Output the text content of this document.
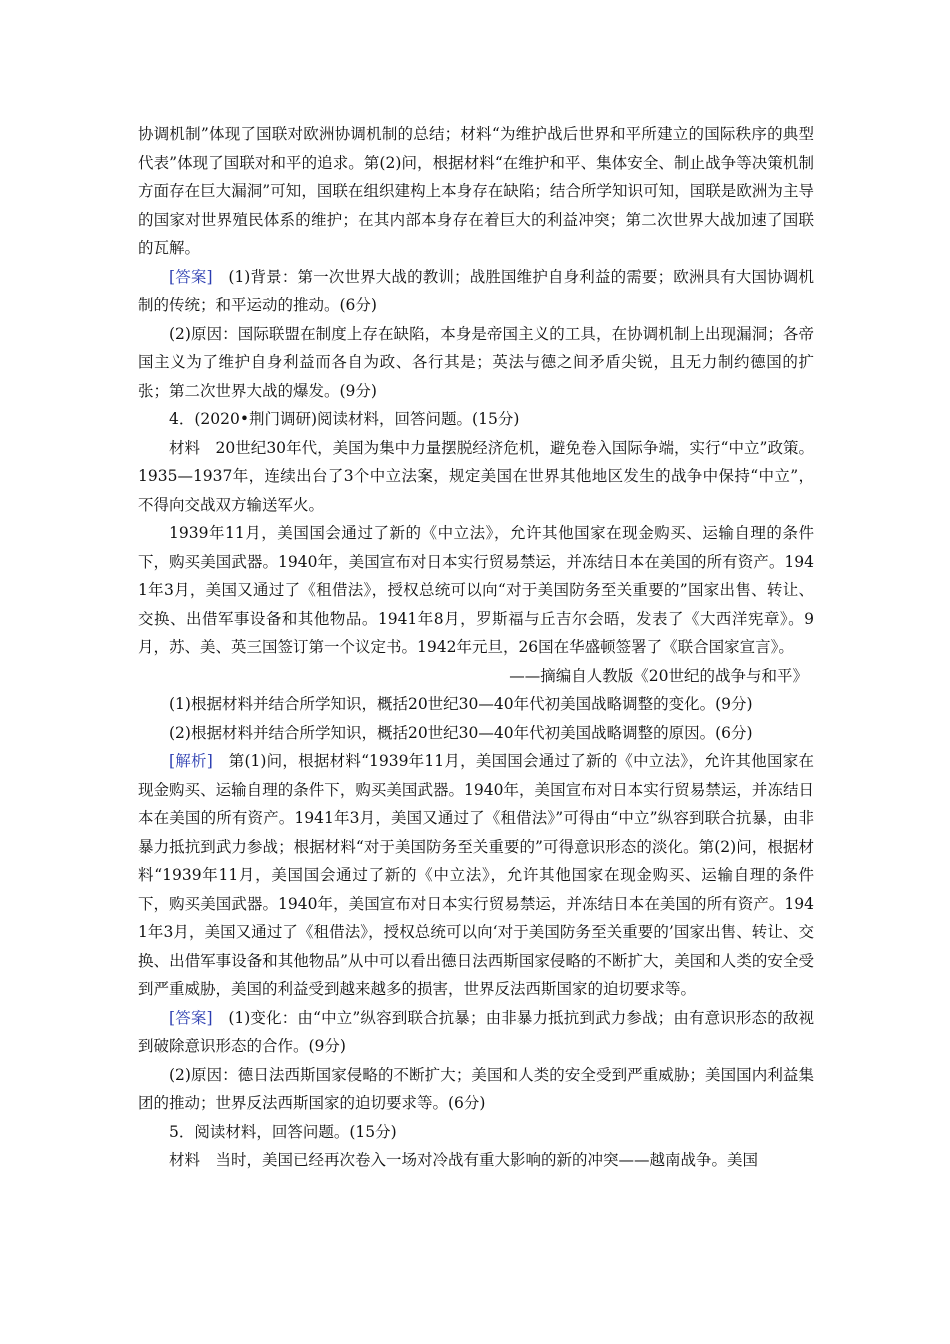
协调机制”体现了国联对欧洲协调机制的总结；材料“为维护战后世界和平所建立的国际秩序的典型代表”体现了国联对和平的追求。第(2)问，根据材料“在维护和平、集体安全、制止战争等决策机制方面存在巨大漏洞”可知，国联在组织建构上本身存在缺陷；结合所学知识可知，国联是欧洲为主导的国家对世界殖民体系的维护；在其内部本身存在着巨大的利益冲突；第二次世界大战加速了国联的瓦解。

[答案]　(1)背景：第一次世界大战的教训；战胜国维护自身利益的需要；欧洲具有大国协调机制的传统；和平运动的推动。(6分)

(2)原因：国际联盟在制度上存在缺陷，本身是帝国主义的工具，在协调机制上出现漏洞；各帝国主义为了维护自身利益而各自为政、各行其是；英法与德之间矛盾尖锐，且无力制约德国的扩张；第二次世界大战的爆发。(9分)

4．(2020•荆门调研)阅读材料，回答问题。(15分)

材料　20世纪30年代，美国为集中力量摆脱经济危机，避免卷入国际争端，实行“中立”政策。1935—1937年，连续出台了3个中立法案，规定美国在世界其他地区发生的战争中保持“中立”，不得向交战双方输送军火。

1939年11月，美国国会通过了新的《中立法》，允许其他国家在现金购买、运输自理的条件下，购买美国武器。1940年，美国宣布对日本实行贸易禁运，并冻结日本在美国的所有资产。1941年3月，美国又通过了《租借法》，授权总统可以向“对于美国防务至关重要的”国家出售、转让、交换、出借军事设备和其他物品。1941年8月，罗斯福与丘吉尔会晤，发表了《大西洋宪章》。9月，苏、美、英三国签订第一个议定书。1942年元旦，26国在华盛顿签署了《联合国家宣言》。

——摘编自人教版《20世纪的战争与和平》

(1)根据材料并结合所学知识，概括20世纪30—40年代初美国战略调整的变化。(9分)

(2)根据材料并结合所学知识，概括20世纪30—40年代初美国战略调整的原因。(6分)

[解析]　第(1)问，根据材料“1939年11月，美国国会通过了新的《中立法》，允许其他国家在现金购买、运输自理的条件下，购买美国武器。1940年，美国宣布对日本实行贸易禁运，并冻结日本在美国的所有资产。1941年3月，美国又通过了《租借法》”可得由“中立”纵容到联合抗暴，由非暴力抵抗到武力参战；根据材料“对于美国防务至关重要的”可得意识形态的淡化。第(2)问，根据材料“1939年11月，美国国会通过了新的《中立法》，允许其他国家在现金购买、运输自理的条件下，购买美国武器。1940年，美国宣布对日本实行贸易禁运，并冻结日本在美国的所有资产。1941年3月，美国又通过了《租借法》，授权总统可以向‘对于美国防务至关重要的’国家出售、转让、交换、出借军事设备和其他物品”从中可以看出德日法西斯国家侵略的不断扩大，美国和人类的安全受到严重威胁，美国的利益受到越来越多的损害，世界反法西斯国家的迫切要求等。

[答案]　(1)变化：由“中立”纵容到联合抗暴；由非暴力抵抗到武力参战；由有意识形态的敌视到破除意识形态的合作。(9分)

(2)原因：德日法西斯国家侵略的不断扩大；美国和人类的安全受到严重威胁；美国国内利益集团的推动；世界反法西斯国家的迫切要求等。(6分)

5．阅读材料，回答问题。(15分)

材料　当时，美国已经再次卷入一场对冷战有重大影响的新的冲突——越南战争。美国
